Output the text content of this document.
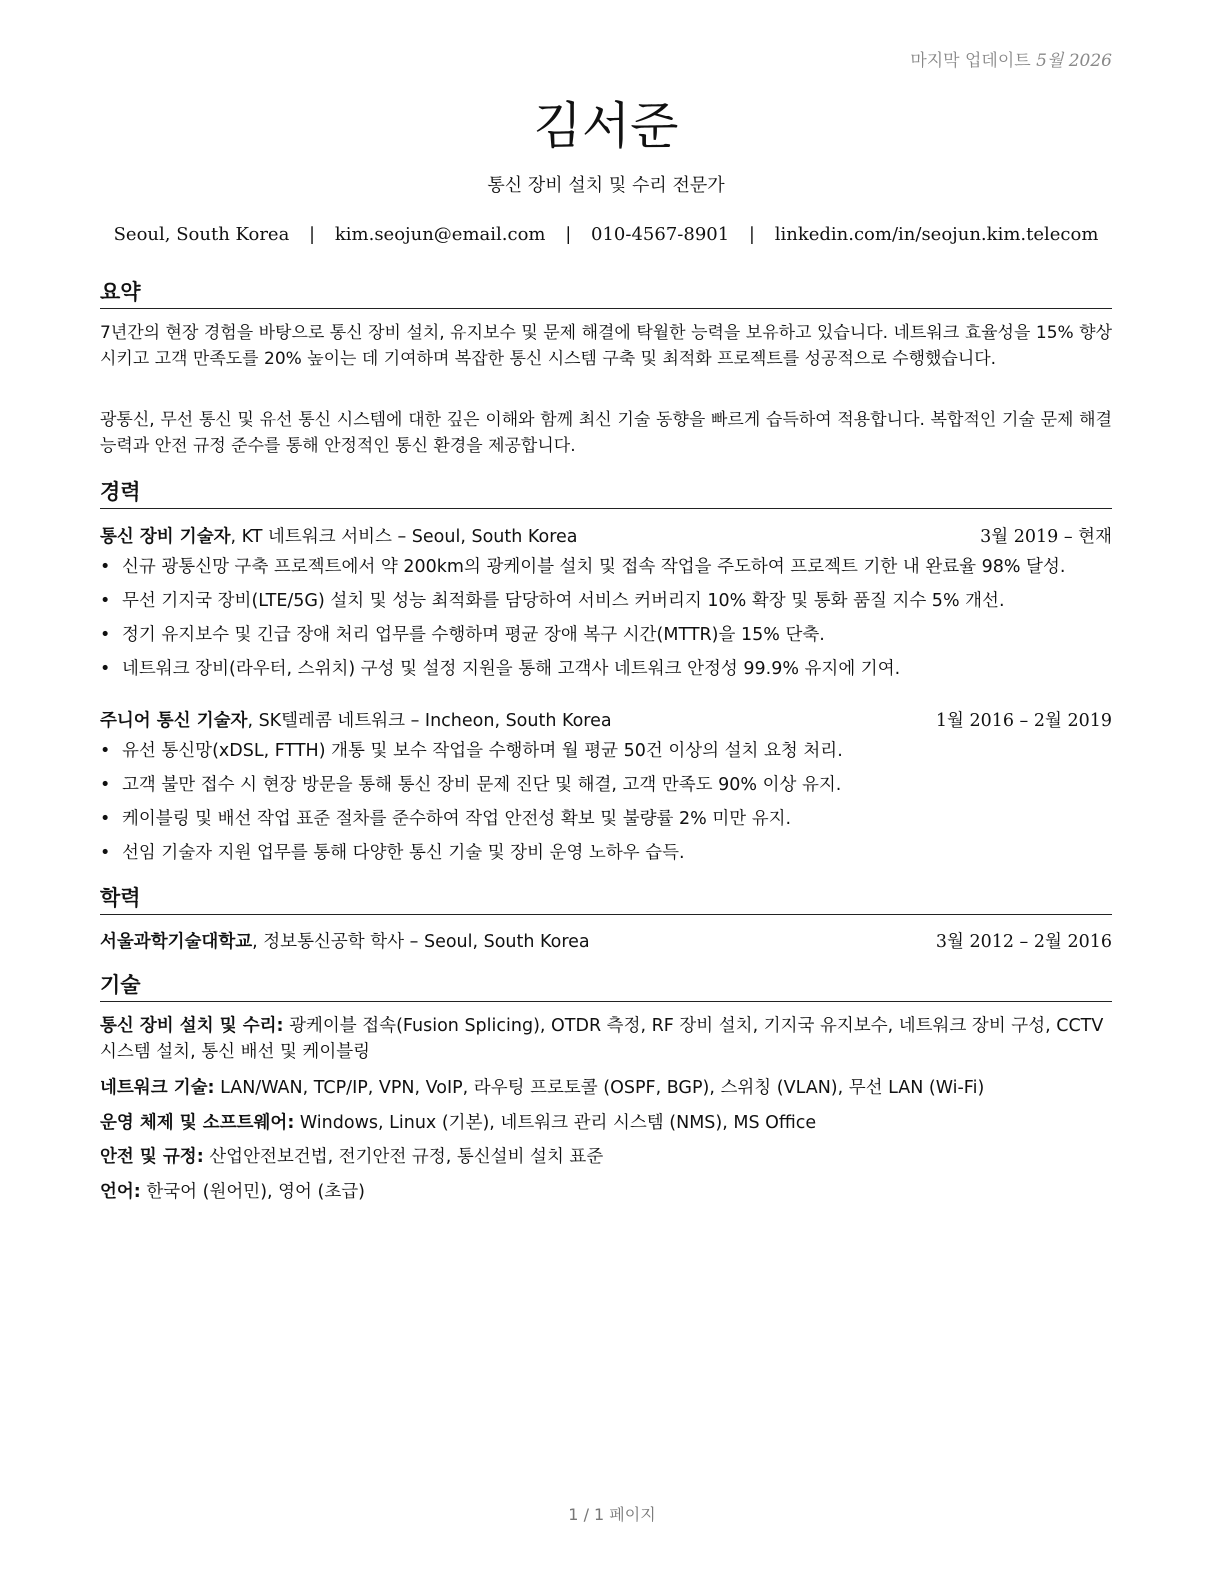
마지막 업데이트 5월 2026
김서준
통신 장비 설치 및 수리 전문가
Seoul, South Korea | kim.seojun@email.com | 010-4567-8901 | linkedin.com/in/seojun.kim.telecom
요약
7년간의 현장 경험을 바탕으로 통신 장비 설치, 유지보수 및 문제 해결에 탁월한 능력을 보유하고 있습니다. 네트워크 효율성을 15% 향상시키고 고객 만족도를 20% 높이는 데 기여하며 복잡한 통신 시스템 구축 및 최적화 프로젝트를 성공적으로 수행했습니다.
광통신, 무선 통신 및 유선 통신 시스템에 대한 깊은 이해와 함께 최신 기술 동향을 빠르게 습득하여 적용합니다. 복합적인 기술 문제 해결 능력과 안전 규정 준수를 통해 안정적인 통신 환경을 제공합니다.
경력
통신 장비 기술자, KT 네트워크 서비스 – Seoul, South Korea	3월 2019 – 현재
• 신규 광통신망 구축 프로젝트에서 약 200km의 광케이블 설치 및 접속 작업을 주도하여 프로젝트 기한 내 완료율 98% 달성.
• 무선 기지국 장비(LTE/5G) 설치 및 성능 최적화를 담당하여 서비스 커버리지 10% 확장 및 통화 품질 지수 5% 개선.
• 정기 유지보수 및 긴급 장애 처리 업무를 수행하며 평균 장애 복구 시간(MTTR)을 15% 단축.
• 네트워크 장비(라우터, 스위치) 구성 및 설정 지원을 통해 고객사 네트워크 안정성 99.9% 유지에 기여.
주니어 통신 기술자, SK텔레콤 네트워크 – Incheon, South Korea	1월 2016 – 2월 2019
• 유선 통신망(xDSL, FTTH) 개통 및 보수 작업을 수행하며 월 평균 50건 이상의 설치 요청 처리.
• 고객 불만 접수 시 현장 방문을 통해 통신 장비 문제 진단 및 해결, 고객 만족도 90% 이상 유지.
• 케이블링 및 배선 작업 표준 절차를 준수하여 작업 안전성 확보 및 불량률 2% 미만 유지.
• 선임 기술자 지원 업무를 통해 다양한 통신 기술 및 장비 운영 노하우 습득.
학력
서울과학기술대학교, 정보통신공학 학사 – Seoul, South Korea	3월 2012 – 2월 2016
기술
통신 장비 설치 및 수리: 광케이블 접속(Fusion Splicing), OTDR 측정, RF 장비 설치, 기지국 유지보수, 네트워크 장비 구성, CCTV 시스템 설치, 통신 배선 및 케이블링
네트워크 기술: LAN/WAN, TCP/IP, VPN, VoIP, 라우팅 프로토콜 (OSPF, BGP), 스위칭 (VLAN), 무선 LAN (Wi-Fi)
운영 체제 및 소프트웨어: Windows, Linux (기본), 네트워크 관리 시스템 (NMS), MS Office
안전 및 규정: 산업안전보건법, 전기안전 규정, 통신설비 설치 표준
언어: 한국어 (원어민), 영어 (초급)
1 / 1 페이지
